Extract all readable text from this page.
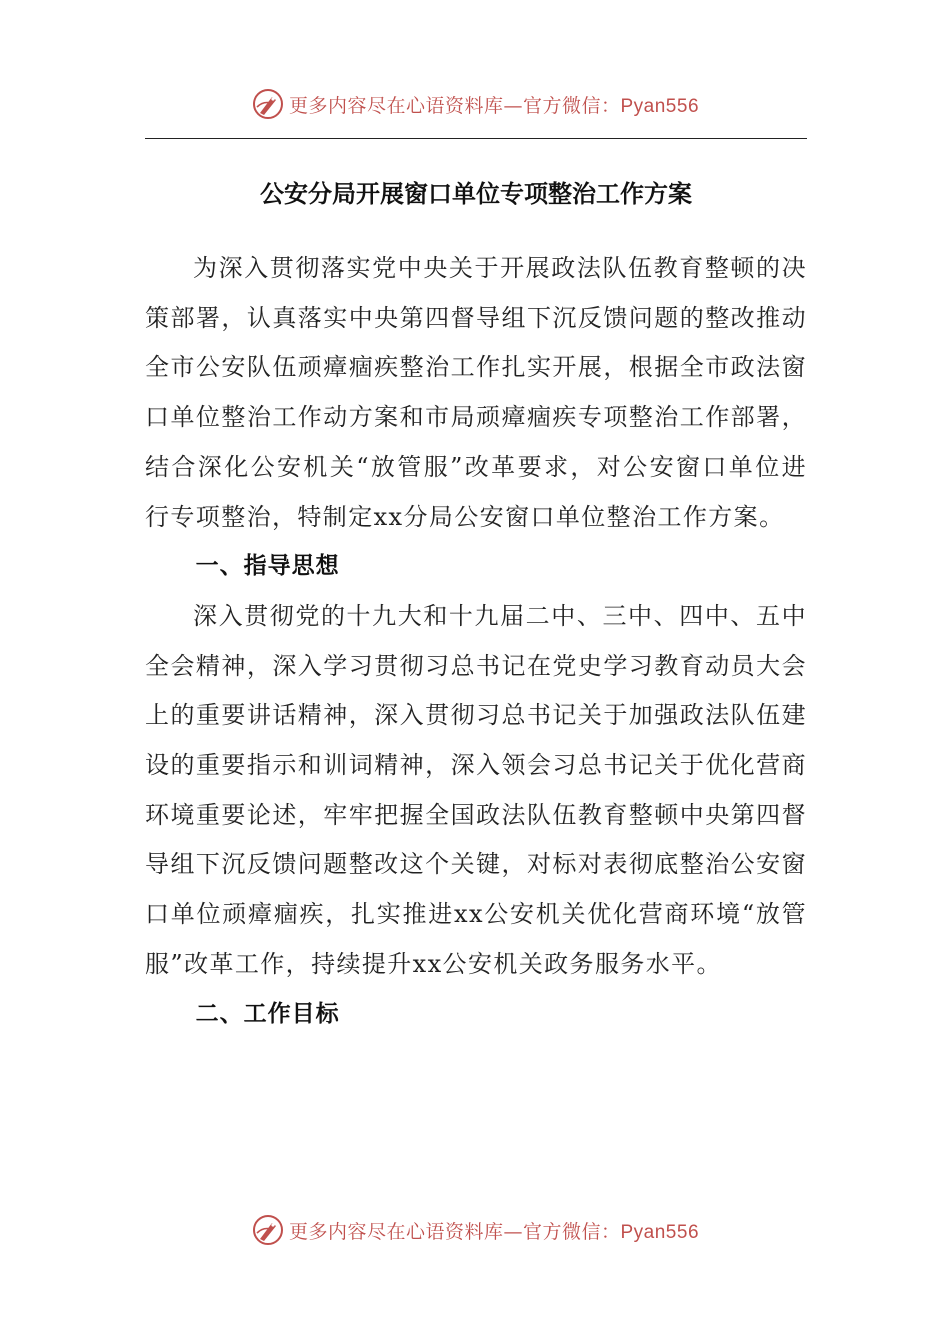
更多内容尽在心语资料库—官方微信：Pyan556
公安分局开展窗口单位专项整治工作方案

为深入贯彻落实党中央关于开展政法队伍教育整顿的决策部署，认真落实中央第四督导组下沉反馈问题的整改推动全市公安队伍顽瘴痼疾整治工作扎实开展，根据全市政法窗口单位整治工作动方案和市局顽瘴痼疾专项整治工作部署，结合深化公安机关“放管服”改革要求，对公安窗口单位进行专项整治，特制定xx分局公安窗口单位整治工作方案。

一、指导思想

深入贯彻党的十九大和十九届二中、三中、四中、五中全会精神，深入学习贯彻习总书记在党史学习教育动员大会上的重要讲话精神，深入贯彻习总书记关于加强政法队伍建设的重要指示和训词精神，深入领会习总书记关于优化营商环境重要论述，牢牢把握全国政法队伍教育整顿中央第四督导组下沉反馈问题整改这个关键，对标对表彻底整治公安窗口单位顽瘴痼疾，扎实推进xx公安机关优化营商环境“放管服”改革工作，持续提升xx公安机关政务服务水平。

二、工作目标

更多内容尽在心语资料库—官方微信：Pyan556
